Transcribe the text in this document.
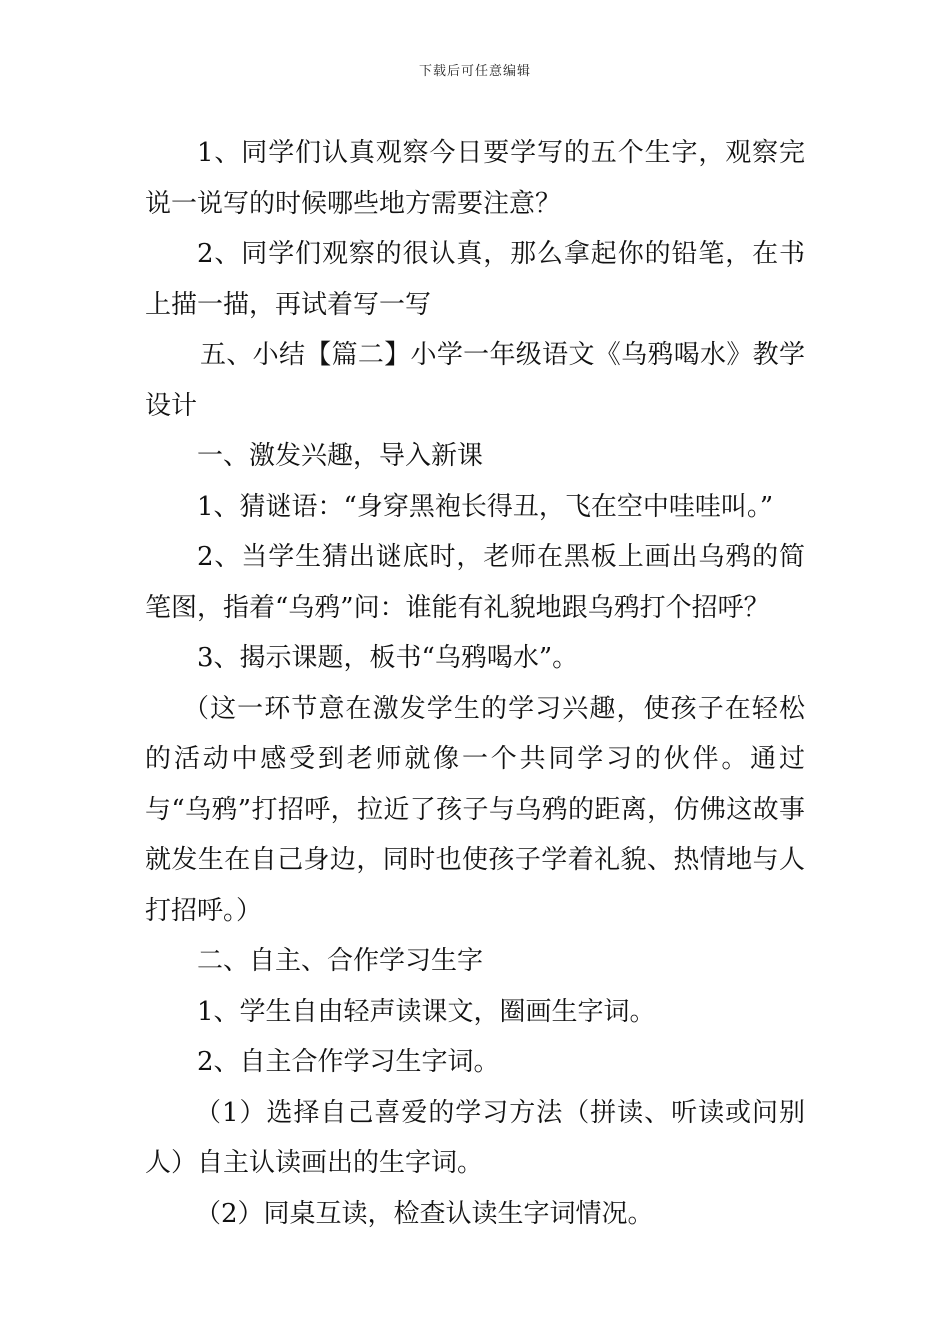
下载后可任意编辑

1、同学们认真观察今日要学写的五个生字，观察完说一说写的时候哪些地方需要注意？

2、同学们观察的很认真，那么拿起你的铅笔，在书上描一描，再试着写一写

五、小结【篇二】小学一年级语文《乌鸦喝水》教学设计

一、激发兴趣，导入新课

1、猜谜语：“身穿黑袍长得丑，飞在空中哇哇叫。”

2、当学生猜出谜底时，老师在黑板上画出乌鸦的简笔图，指着“乌鸦”问：谁能有礼貌地跟乌鸦打个招呼？

3、揭示课题，板书“乌鸦喝水”。

（这一环节意在激发学生的学习兴趣，使孩子在轻松的活动中感受到老师就像一个共同学习的伙伴。通过与“乌鸦”打招呼，拉近了孩子与乌鸦的距离，仿佛这故事就发生在自己身边，同时也使孩子学着礼貌、热情地与人打招呼。）

二、自主、合作学习生字

1、学生自由轻声读课文，圈画生字词。

2、自主合作学习生字词。

（1）选择自己喜爱的学习方法（拼读、听读或问别人）自主认读画出的生字词。

（2）同桌互读，检查认读生字词情况。
